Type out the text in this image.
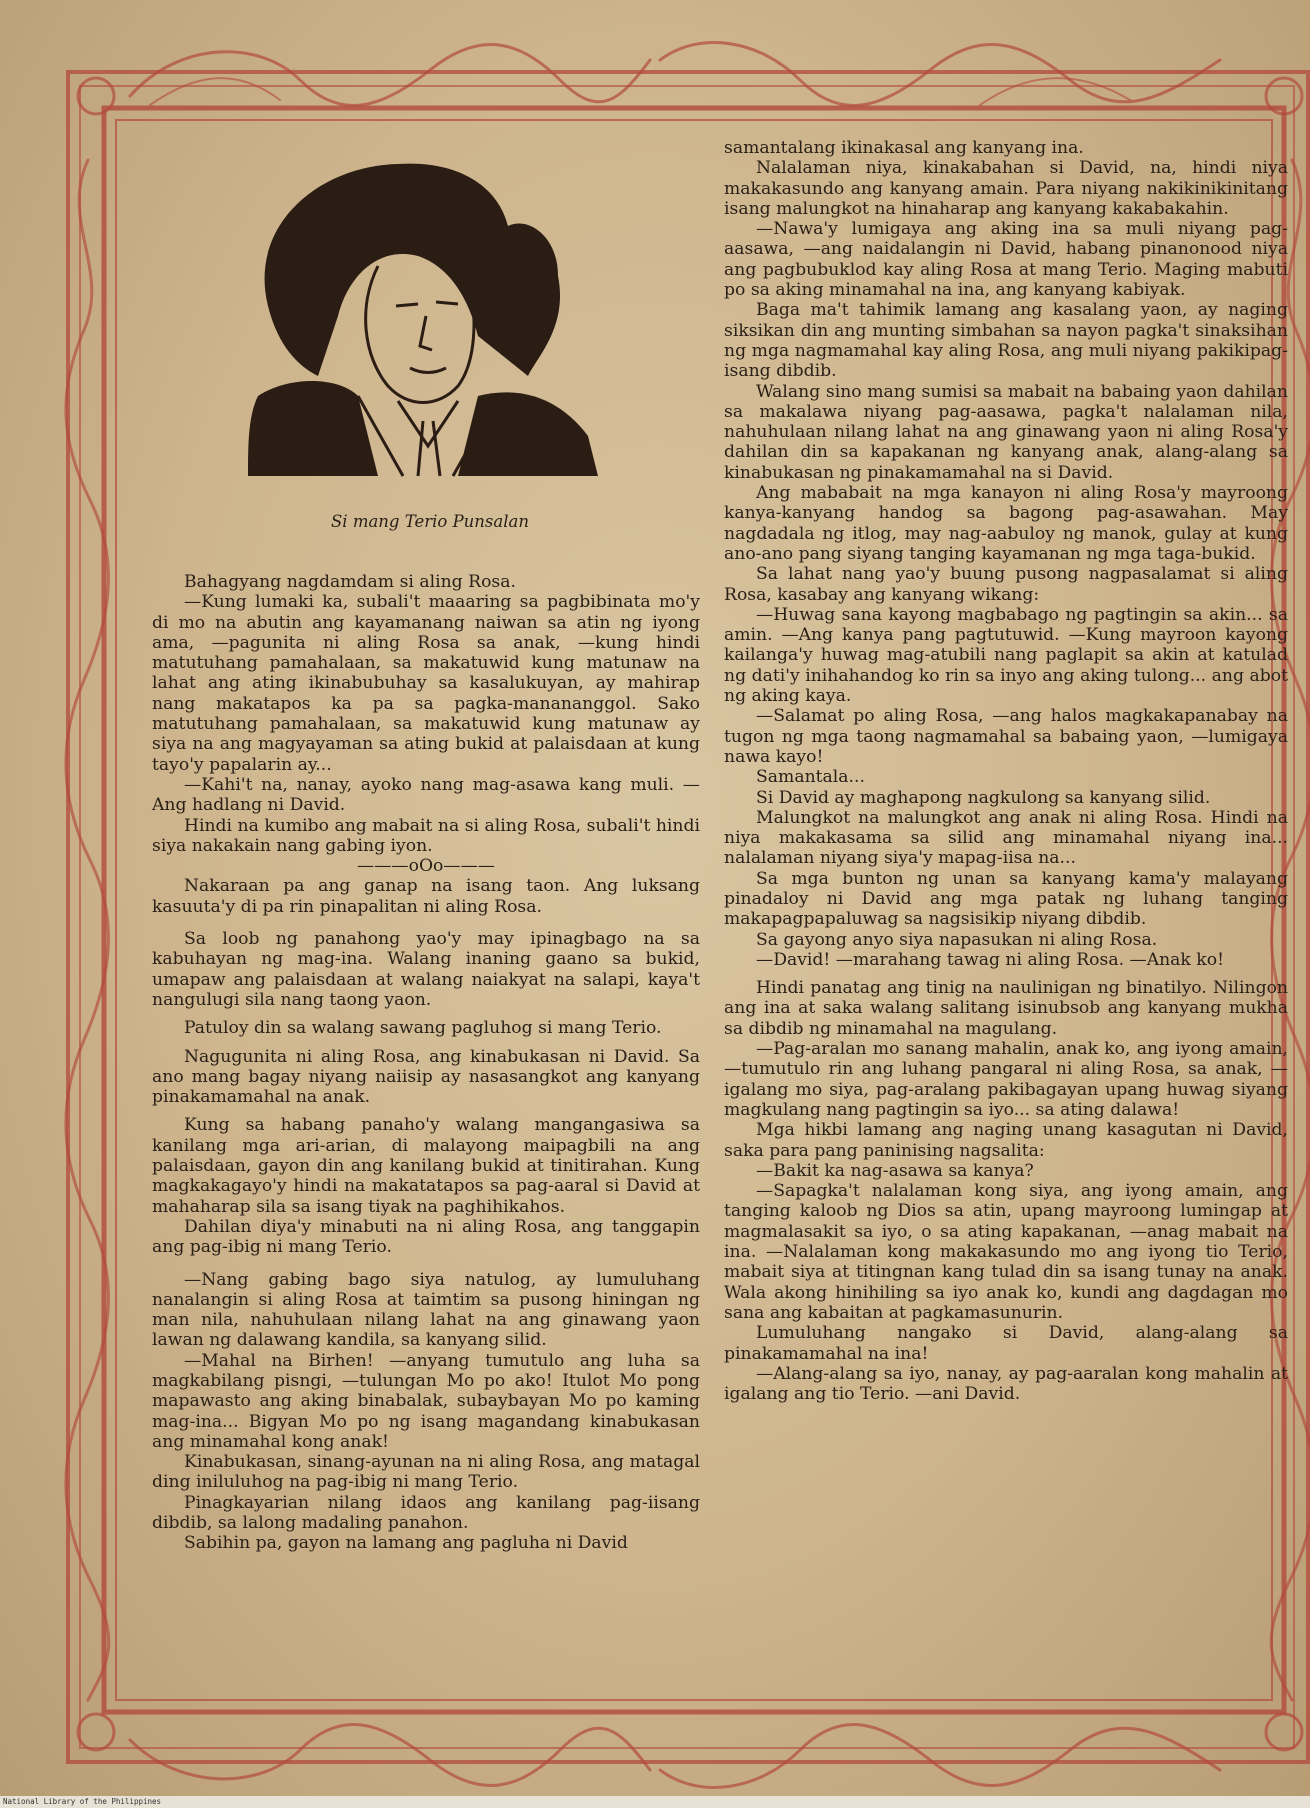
Si mang Terio Punsalan

Bahagyang nagdamdam si aling Rosa.

—Kung lumaki ka, subali't maaaring sa pagbibinata mo'y di mo na abutin ang kayamanang naiwan sa atin ng iyong ama, —pagunita ni aling Rosa sa anak, —kung hindi matutuhang pamahalaan, sa makatuwid kung matunaw na lahat ang ating ikinabubuhay sa kasalukuyan, ay mahirap nang makatapos ka pa sa pagka-manananggol. Sako matutuhang pamahalaan, sa makatuwid kung matunaw ay siya na ang magyayaman sa ating bukid at palaisdaan at kung tayo'y papalarin ay...

—Kahi't na, nanay, ayoko nang mag-asawa kang muli. —Ang hadlang ni David.

Hindi na kumibo ang mabait na si aling Rosa, subali't hindi siya nakakain nang gabing iyon.

———oOo———

Nakaraan pa ang ganap na isang taon. Ang luksang kasuuta'y di pa rin pinapalitan ni aling Rosa.

Sa loob ng panahong yao'y may ipinagbago na sa kabuhayan ng mag-ina. Walang inaning gaano sa bukid, umapaw ang palaisdaan at walang naiakyat na salapi, kaya't nangulugi sila nang taong yaon.

Patuloy din sa walang sawang pagluhog si mang Terio.

Nagugunita ni aling Rosa, ang kinabukasan ni David. Sa ano mang bagay niyang naiisip ay nasasangkot ang kanyang pinakamamahal na anak.

Kung sa habang panaho'y walang mangangasiwa sa kanilang mga ari-arian, di malayong maipagbili na ang palaisdaan, gayon din ang kanilang bukid at tinitirahan. Kung magkakagayo'y hindi na makatatapos sa pag-aaral si David at mahaharap sila sa isang tiyak na paghihikahos.

Dahilan diya'y minabuti na ni aling Rosa, ang tanggapin ang pag-ibig ni mang Terio.

—Nang gabing bago siya natulog, ay lumuluhang nanalangin si aling Rosa at taimtim sa pusong hiningan ng man nila, nahuhulaan nilang lahat na ang ginawang yaon lawan ng dalawang kandila, sa kanyang silid.

—Mahal na Birhen! —anyang tumutulo ang luha sa magkabilang pisngi, —tulungan Mo po ako! Itulot Mo pong mapawasto ang aking binabalak, subaybayan Mo po kaming mag-ina... Bigyan Mo po ng isang magandang kinabukasan ang minamahal kong anak!

Kinabukasan, sinang-ayunan na ni aling Rosa, ang matagal ding iniluluhog na pag-ibig ni mang Terio.

Pinagkayarian nilang idaos ang kanilang pag-iisang dibdib, sa lalong madaling panahon.

Sabihin pa, gayon na lamang ang pagluha ni David

samantalang ikinakasal ang kanyang ina.

Nalalaman niya, kinakabahan si David, na, hindi niya makakasundo ang kanyang amain. Para niyang nakikinikinitang isang malungkot na hinaharap ang kanyang kakabakahin.

—Nawa'y lumigaya ang aking ina sa muli niyang pag-aasawa, —ang naidalangin ni David, habang pinanonood niya ang pagbubuklod kay aling Rosa at mang Terio. Maging mabuti po sa aking minamahal na ina, ang kanyang kabiyak.

Baga ma't tahimik lamang ang kasalang yaon, ay naging siksikan din ang munting simbahan sa nayon pagka't sinaksihan ng mga nagmamahal kay aling Rosa, ang muli niyang pakikipag-isang dibdib.

Walang sino mang sumisi sa mabait na babaing yaon dahilan sa makalawa niyang pag-aasawa, pagka't nalalaman nila, nahuhulaan nilang lahat na ang ginawang yaon ni aling Rosa'y dahilan din sa kapakanan ng kanyang anak, alang-alang sa kinabukasan ng pinakamamahal na si David.

Ang mababait na mga kanayon ni aling Rosa'y mayroong kanya-kanyang handog sa bagong pag-asawahan. May nagdadala ng itlog, may nag-aabuloy ng manok, gulay at kung ano-ano pang siyang tanging kayamanan ng mga taga-bukid.

Sa lahat nang yao'y buung pusong nagpasalamat si aling Rosa, kasabay ang kanyang wikang:

—Huwag sana kayong magbabago ng pagtingin sa akin... sa amin. —Ang kanya pang pagtutuwid. —Kung mayroon kayong kailanga'y huwag mag-atubili nang paglapit sa akin at katulad ng dati'y inihahandog ko rin sa inyo ang aking tulong... ang abot ng aking kaya.

—Salamat po aling Rosa, —ang halos magkakapanabay na tugon ng mga taong nagmamahal sa babaing yaon, —lumigaya nawa kayo!

Samantala...

Si David ay maghapong nagkulong sa kanyang silid.

Malungkot na malungkot ang anak ni aling Rosa. Hindi na niya makakasama sa silid ang minamahal niyang ina... nalalaman niyang siya'y mapag-iisa na...

Sa mga bunton ng unan sa kanyang kama'y malayang pinadaloy ni David ang mga patak ng luhang tanging makapagpapaluwag sa nagsisikip niyang dibdib.

Sa gayong anyo siya napasukan ni aling Rosa.

—David! —marahang tawag ni aling Rosa. —Anak ko!

Hindi panatag ang tinig na naulinigan ng binatilyo. Nilingon ang ina at saka walang salitang isinubsob ang kanyang mukha sa dibdib ng minamahal na magulang.

—Pag-aralan mo sanang mahalin, anak ko, ang iyong amain, —tumutulo rin ang luhang pangaral ni aling Rosa, sa anak, — igalang mo siya, pag-aralang pakibagayan upang huwag siyang magkulang nang pagtingin sa iyo... sa ating dalawa!

Mga hikbi lamang ang naging unang kasagutan ni David, saka para pang paninising nagsalita:

—Bakit ka nag-asawa sa kanya?

—Sapagka't nalalaman kong siya, ang iyong amain, ang tanging kaloob ng Dios sa atin, upang mayroong lumingap at magmalasakit sa iyo, o sa ating kapakanan, —anag mabait na ina. —Nalalaman kong makakasundo mo ang iyong tio Terio, mabait siya at titingnan kang tulad din sa isang tunay na anak. Wala akong hinihiling sa iyo anak ko, kundi ang dagdagan mo sana ang kabaitan at pagkamasunurin.

Lumuluhang nangako si David, alang-alang sa pinakamamahal na ina!

—Alang-alang sa iyo, nanay, ay pag-aaralan kong mahalin at igalang ang tio Terio. —ani David.

National Library of the Philippines
